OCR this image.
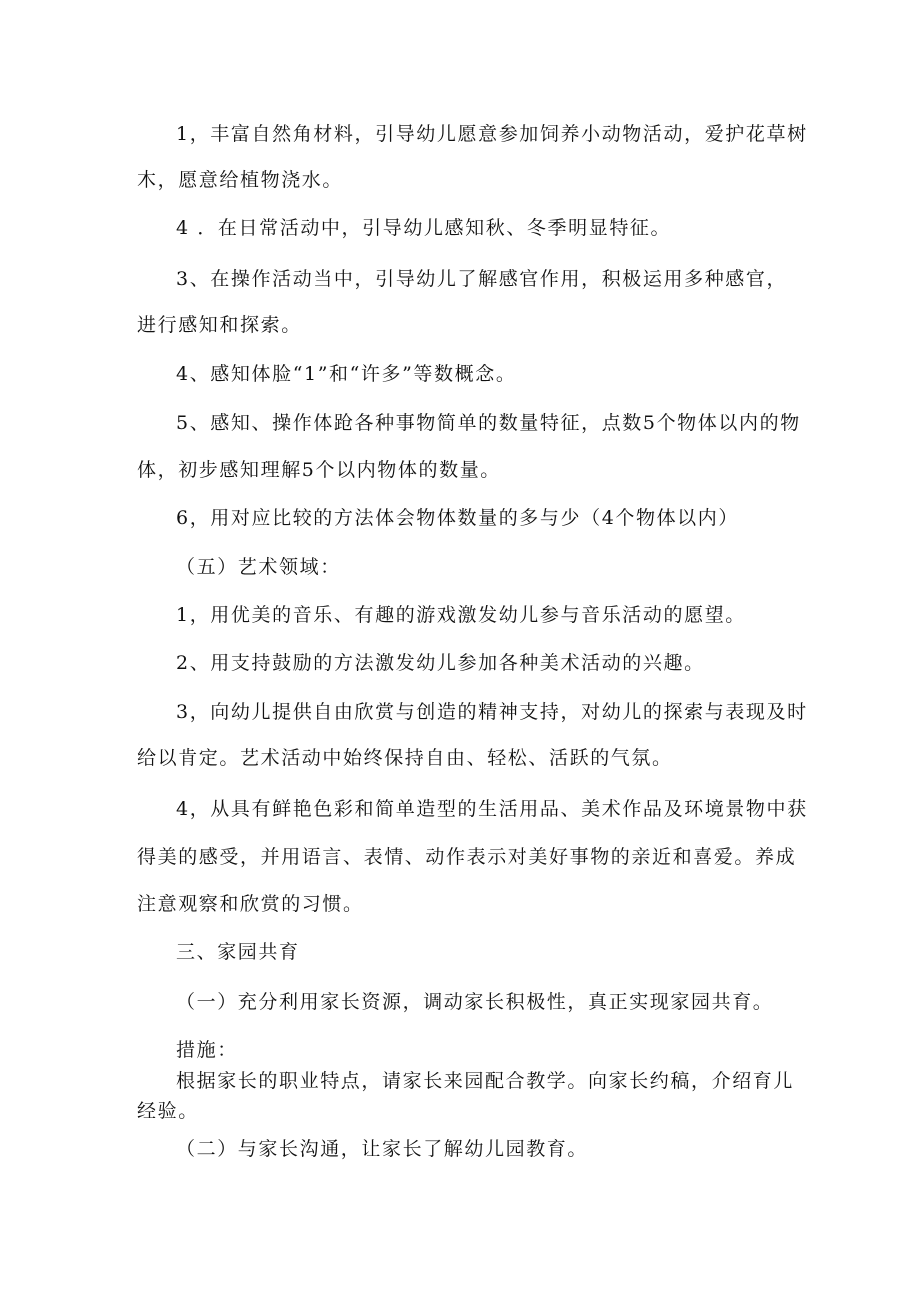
1，丰富自然角材料，引导幼儿愿意参加饲养小动物活动，爱护花草树

木，愿意给植物浇水。

4 ．在日常活动中，引导幼儿感知秋、冬季明显特征。

3、在操作活动当中，引导幼儿了解感官作用，积极运用多种感官，

进行感知和探索。

4、感知体脸“1”和“许多”等数概念。

5、感知、操作体跄各种事物简单的数量特征，点数5个物体以内的物

体，初步感知理解5个以内物体的数量。

6，用对应比较的方法体会物体数量的多与少（4个物体以内）

（五）艺术领域：

1，用优美的音乐、有趣的游戏激发幼儿参与音乐活动的愿望。

2、用支持鼓励的方法激发幼儿参加各种美术活动的兴趣。

3，向幼儿提供自由欣赏与创造的精神支持，对幼儿的探索与表现及时

给以肯定。艺术活动中始终保持自由、轻松、活跃的气氛。

4，从具有鲜艳色彩和简单造型的生活用品、美术作品及环境景物中获

得美的感受，并用语言、表情、动作表示对美好事物的亲近和喜爱。养成

注意观察和欣赏的习惯。

三、家园共育

（一）充分利用家长资源，调动家长积极性，真正实现家园共育。

措施：

根据家长的职业特点，请家长来园配合教学。向家长约稿，介绍育儿

经验。

（二）与家长沟通，让家长了解幼儿园教育。
